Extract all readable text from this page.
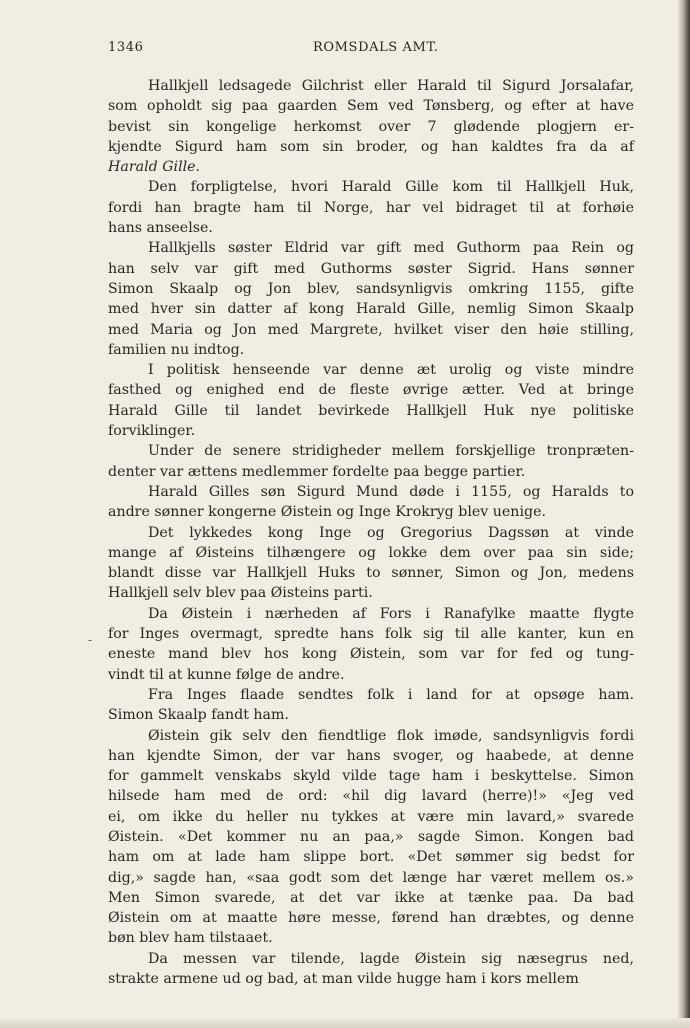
1346	ROMSDALS AMT.
-
Hallkjell ledsagede Gilchrist eller Harald til Sigurd Jorsalafar,
som opholdt sig paa gaarden Sem ved Tønsberg, og efter at have
bevist sin kongelige herkomst over 7 glødende plogjern er-
kjendte Sigurd ham som sin broder, og han kaldtes fra da af
Harald Gille.
Den forpligtelse, hvori Harald Gille kom til Hallkjell Huk,
fordi han bragte ham til Norge, har vel bidraget til at forhøie
hans anseelse.
Hallkjells søster Eldrid var gift med Guthorm paa Rein og
han selv var gift med Guthorms søster Sigrid. Hans sønner
Simon Skaalp og Jon blev, sandsynligvis omkring 1155, gifte
med hver sin datter af kong Harald Gille, nemlig Simon Skaalp
med Maria og Jon med Margrete, hvilket viser den høie stilling,
familien nu indtog.
I politisk henseende var denne æt urolig og viste mindre
fasthed og enighed end de fleste øvrige ætter. Ved at bringe
Harald Gille til landet bevirkede Hallkjell Huk nye politiske
forviklinger.
Under de senere stridigheder mellem forskjellige tronpræten-
denter var ættens medlemmer fordelte paa begge partier.
Harald Gilles søn Sigurd Mund døde i 1155, og Haralds to
andre sønner kongerne Øistein og Inge Krokryg blev uenige.
Det lykkedes kong Inge og Gregorius Dagssøn at vinde
mange af Øisteins tilhængere og lokke dem over paa sin side;
blandt disse var Hallkjell Huks to sønner, Simon og Jon, medens
Hallkjell selv blev paa Øisteins parti.
Da Øistein i nærheden af Fors i Ranafylke maatte flygte
for Inges overmagt, spredte hans folk sig til alle kanter, kun en
eneste mand blev hos kong Øistein, som var for fed og tung-
vindt til at kunne følge de andre.
Fra Inges flaade sendtes folk i land for at opsøge ham.
Simon Skaalp fandt ham.
Øistein gik selv den fiendtlige flok imøde, sandsynligvis fordi
han kjendte Simon, der var hans svoger, og haabede, at denne
for gammelt venskabs skyld vilde tage ham i beskyttelse. Simon
hilsede ham med de ord: «hil dig lavard (herre)!» «Jeg ved
ei, om ikke du heller nu tykkes at være min lavard,» svarede
Øistein. «Det kommer nu an paa,» sagde Simon. Kongen bad
ham om at lade ham slippe bort. «Det sømmer sig bedst for
dig,» sagde han, «saa godt som det længe har været mellem os.»
Men Simon svarede, at det var ikke at tænke paa. Da bad
Øistein om at maatte høre messe, førend han dræbtes, og denne
bøn blev ham tilstaaet.
Da messen var tilende, lagde Øistein sig næsegrus ned,
strakte armene ud og bad, at man vilde hugge ham i kors mellem
